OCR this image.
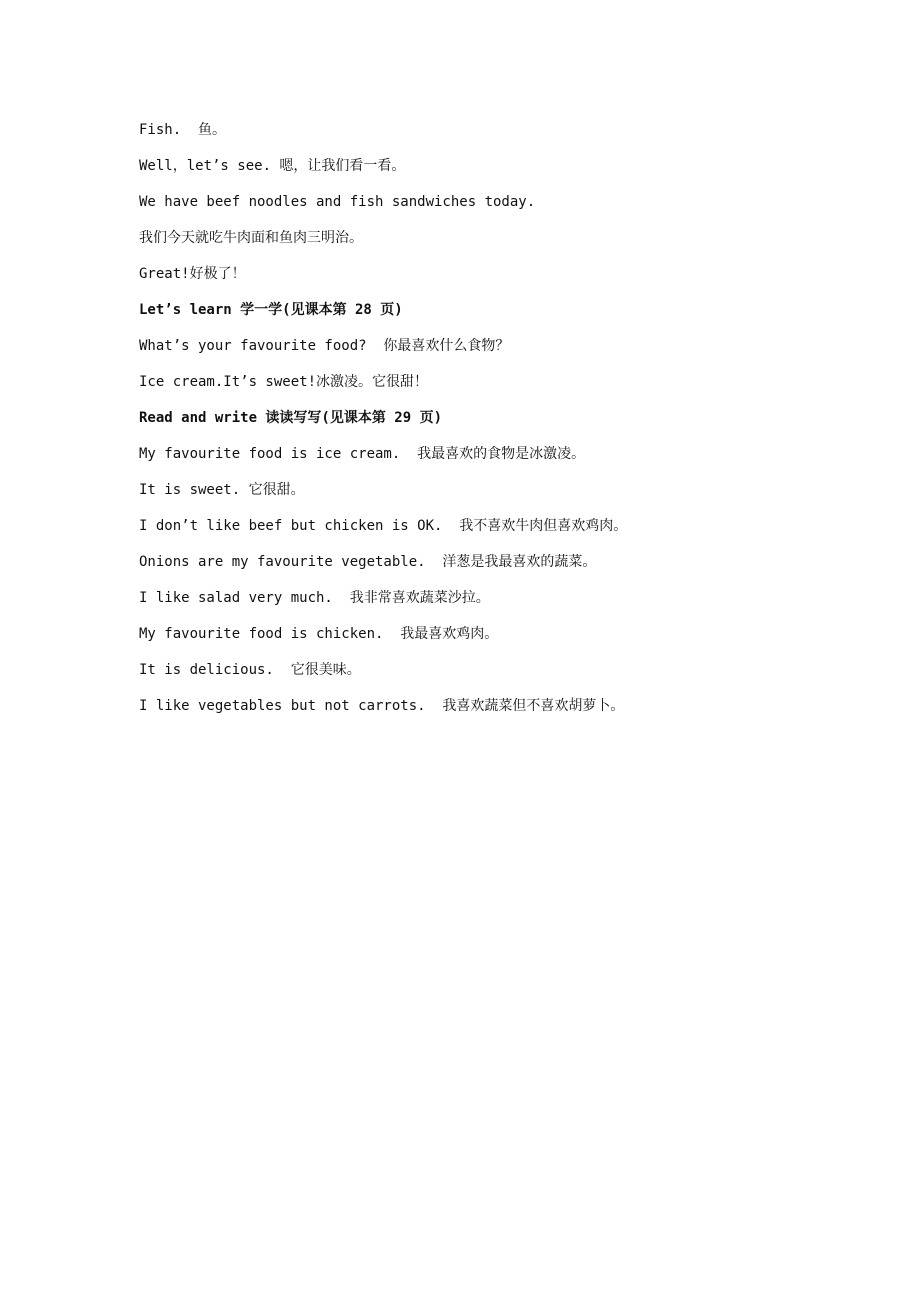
Fish.  鱼。
Well，let’s see. 嗯，让我们看一看。
We have beef noodles and fish sandwiches today.
我们今天就吃牛肉面和鱼肉三明治。
Great!好极了！
Let’s learn 学一学(见课本第 28 页)
What’s your favourite food?  你最喜欢什么食物？
Ice cream.It’s sweet!冰激凌。它很甜！
Read and write 读读写写(见课本第 29 页)
My favourite food is ice cream.  我最喜欢的食物是冰激凌。
It is sweet. 它很甜。
I don’t like beef but chicken is OK.  我不喜欢牛肉但喜欢鸡肉。
Onions are my favourite vegetable.  洋葱是我最喜欢的蔬菜。
I like salad very much.  我非常喜欢蔬菜沙拉。
My favourite food is chicken.  我最喜欢鸡肉。
It is delicious.  它很美味。
I like vegetables but not carrots.  我喜欢蔬菜但不喜欢胡萝卜。
